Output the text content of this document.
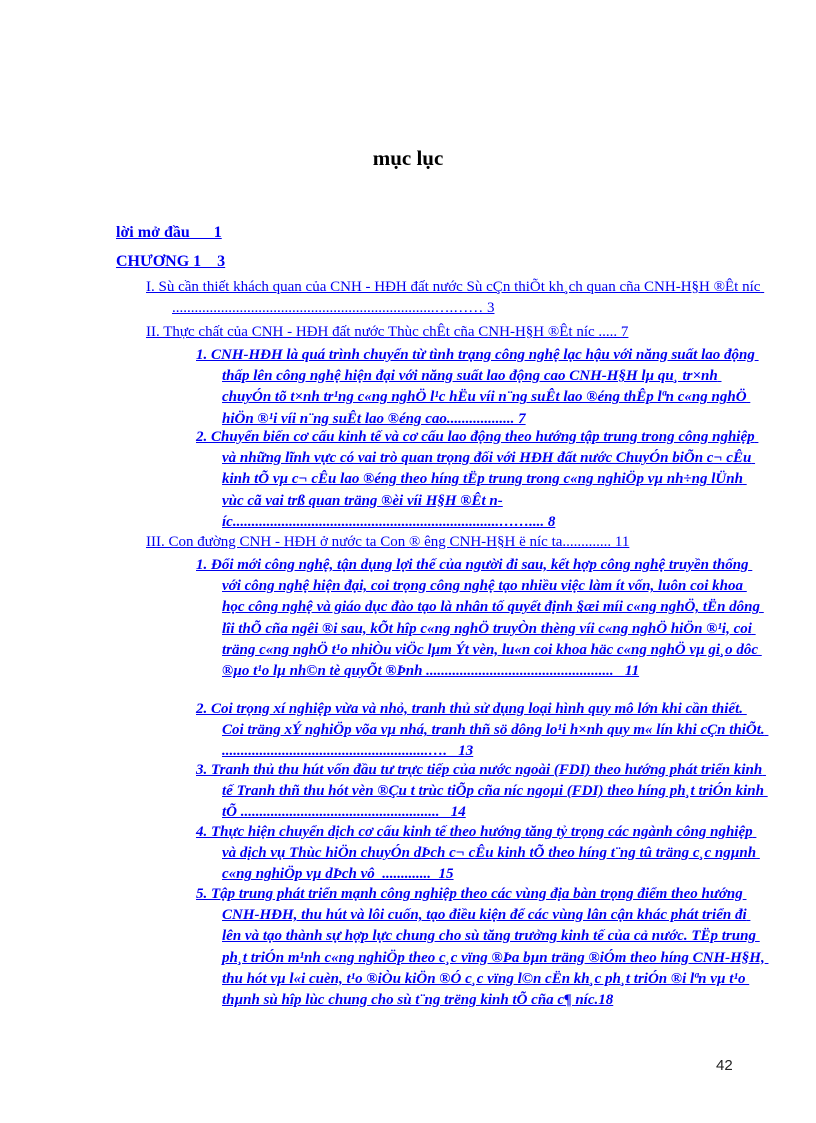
mục lục
lời mở đầu      1
CHƯƠNG 1    3
I. Sù cần thiết khách quan của CNH - HĐH đất nước Sù cÇn thiÕt kh¸ch quan cña CNH-H§H ®Êt níc ......................................................................….…… 3
II. Thực chất của CNH - HĐH đất nước Thùc chÊt cña CNH-H§H ®Êt níc ..... 7
1. CNH-HĐH là quá trình chuyển từ tình trạng công nghệ lạc hậu với năng suất lao động thấp lên công nghệ hiện đại với năng suất lao động cao CNH-H§H lµ qu¸ tr×nh chuyÓn tõ t×nh tr¹ng c«ng nghÖ l¹c hËu víi n¨ng suÊt lao ®éng thÊp lªn c«ng nghÖ hiÖn ®¹i víi n¨ng suÊt lao ®éng cao.................. 7
2. Chuyển biến cơ cấu kinh tế và cơ cấu lao động theo hướng tập trung trong công nghiệp và những lĩnh vực có vai trò quan trọng đối với HĐH đất nước ChuyÓn biÕn c¬ cÊu kinh tÕ vµ c¬ cÊu lao ®éng theo híng tËp trung trong c«ng nghiÖp vµ nh÷ng lÜnh vùc cã vai trß quan träng ®èi víi H§H ®Êt níc.......................................................................…….... 8
III. Con đường CNH - HĐH ở nước ta Con ® êng CNH-H§H ë níc ta............. 11
1. Đổi mới công nghệ, tận dụng lợi thế của người đi sau, kết hợp công nghệ truyền thống với công nghệ hiện đại, coi trọng công nghệ tạo nhiều việc làm ít vốn, luôn coi khoa học công nghệ và giáo dục đào tạo là nhân tố quyết định §æi míi c«ng nghÖ, tËn dông lîi thÕ cña ngêi ®i sau, kÕt hîp c«ng nghÖ truyÒn thèng víi c«ng nghÖ hiÖn ®¹i, coi träng c«ng nghÖ t¹o nhiÒu viÖc lµm Ýt vèn, lu«n coi khoa häc c«ng nghÖ vµ gi¸o dôc ®µo t¹o lµ nh©n tè quyÕt ®Þnh ..................................................   11
2. Coi trọng xí nghiệp vừa và nhỏ, tranh thủ sử dụng loại hình quy mô lớn khi cần thiết. Coi träng xÝ nghiÖp võa vµ nhá, tranh thñ sö dông lo¹i h×nh quy m« lín khi cÇn thiÕt. .......................................................….   13
3. Tranh thủ thu hút vốn đầu tư trực tiếp của nước ngoài (FDI) theo hướng phát triển kinh tế Tranh thñ thu hót vèn ®Çu t trùc tiÕp cña níc ngoµi (FDI) theo híng ph¸t triÓn kinh tÕ .....................................................   14
4. Thực hiện chuyển dịch cơ cấu kinh tế theo hướng tăng tỷ trọng các ngành công nghiệp và dịch vụ Thùc hiÖn chuyÓn dÞch c¬ cÊu kinh tÕ theo híng t¨ng tû träng c¸c ngµnh c«ng nghiÖp vµ dÞch vô  .............  15
5. Tập trung phát triển mạnh công nghiệp theo các vùng địa bàn trọng điểm theo hướng CNH-HĐH, thu hút và lôi cuốn, tạo điều kiện để các vùng lân cận khác phát triển đi lên và tạo thành sự hợp lực chung cho sù tăng trưởng kinh tế của cả nước. TËp trung ph¸t triÓn m¹nh c«ng nghiÖp theo c¸c vïng ®Þa bµn träng ®iÓm theo híng CNH-H§H, thu hót vµ l«i cuèn, t¹o ®iÒu kiÖn ®Ó c¸c vïng l©n cËn kh¸c ph¸t triÓn ®i lªn vµ t¹o thµnh sù hîp lùc chung cho sù t¨ng trëng kinh tÕ cña c¶ níc.18
42
